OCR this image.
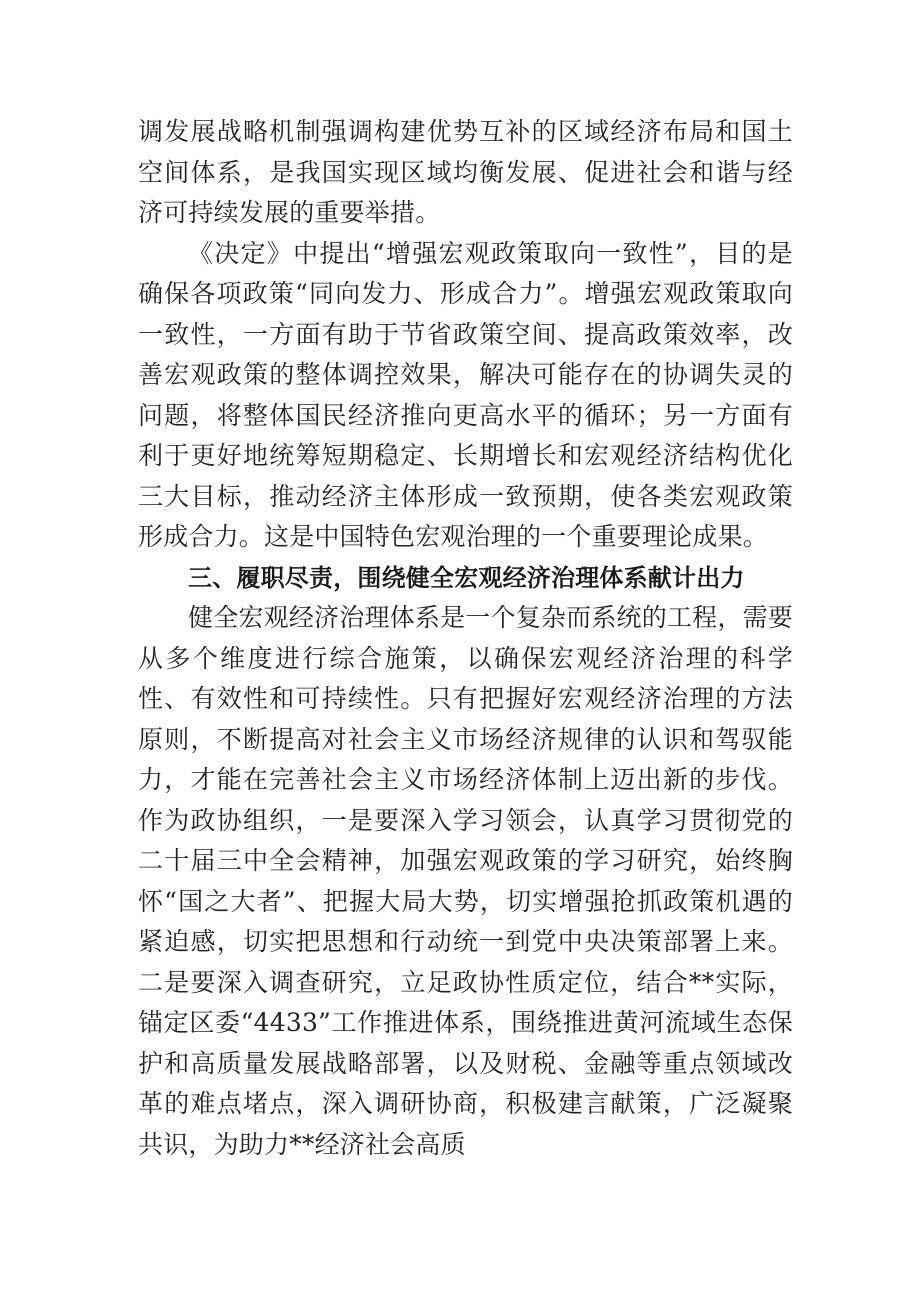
调发展战略机制强调构建优势互补的区域经济布局和国土空间体系，是我国实现区域均衡发展、促进社会和谐与经济可持续发展的重要举措。

《决定》中提出“增强宏观政策取向一致性”，目的是确保各项政策“同向发力、形成合力”。增强宏观政策取向一致性，一方面有助于节省政策空间、提高政策效率，改善宏观政策的整体调控效果，解决可能存在的协调失灵的问题，将整体国民经济推向更高水平的循环；另一方面有利于更好地统筹短期稳定、长期增长和宏观经济结构优化三大目标，推动经济主体形成一致预期，使各类宏观政策形成合力。这是中国特色宏观治理的一个重要理论成果。

三、履职尽责，围绕健全宏观经济治理体系献计出力

健全宏观经济治理体系是一个复杂而系统的工程，需要从多个维度进行综合施策，以确保宏观经济治理的科学性、有效性和可持续性。只有把握好宏观经济治理的方法原则，不断提高对社会主义市场经济规律的认识和驾驭能力，才能在完善社会主义市场经济体制上迈出新的步伐。作为政协组织，一是要深入学习领会，认真学习贯彻党的二十届三中全会精神，加强宏观政策的学习研究，始终胸怀“国之大者”、把握大局大势，切实增强抢抓政策机遇的紧迫感，切实把思想和行动统一到党中央决策部署上来。二是要深入调查研究，立足政协性质定位，结合**实际，锚定区委“4433”工作推进体系，围绕推进黄河流域生态保护和高质量发展战略部署，以及财税、金融等重点领域改革的难点堵点，深入调研协商，积极建言献策，广泛凝聚共识，为助力**经济社会高质
